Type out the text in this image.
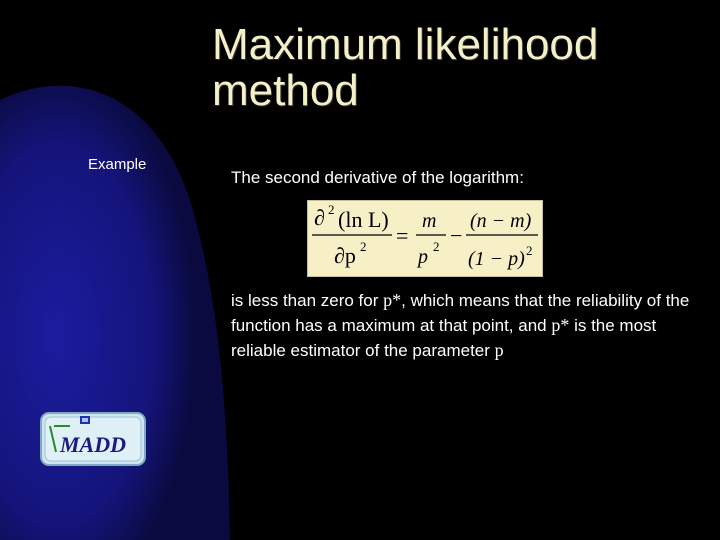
Maximum likelihood method
Example
The second derivative of the logarithm:
∂ 2 (ln L)
∂p 2 =
m
p 2 −
(n − m)
(1 − p) 2
is less than zero for p*, which means that the reliability of the function has a maximum at that point, and p* is the most reliable estimator of the parameter p
MADD
